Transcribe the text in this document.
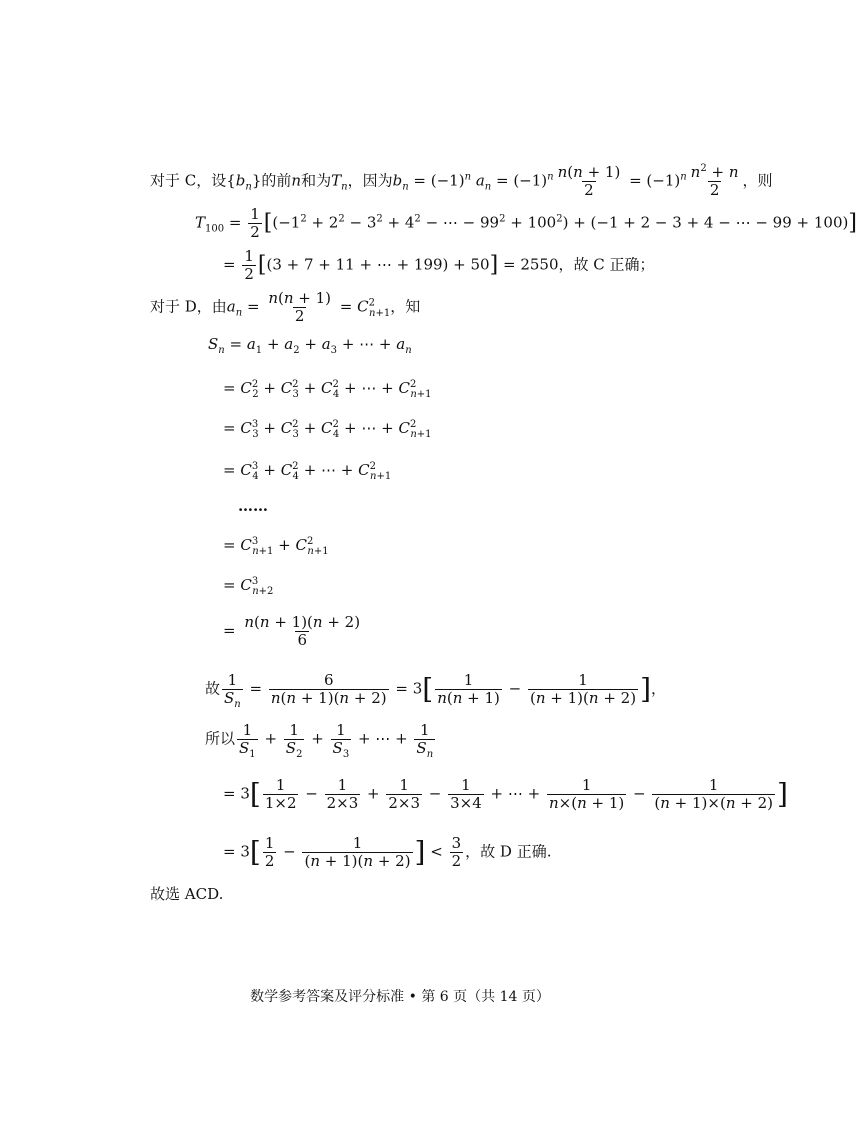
对于 C，设$\{b_n\}$的前n和为$T_n$，因为$b_n = (-1)^n$ $a_n = (-1)^n \frac{n(n + 1)}{2} = (-1)^n \frac{n^2 + n}{2}$ ，则
$T_{100} = \frac{1}{2} [(-1^2 + 2^2 - 3^2 + 4^2$ − ⋯ − $99^2 + 100^2) + (-1 + 2 - 3 + 4$ − ⋯ − 99 + 100)]
= $\frac{1}{2} [(3 + 7 + 11$ + ⋯ + 199) + 50] = 2550，故 C 正确；
对于 D，由$a_n = \frac{n(n + 1)}{2} = C^2_{n+1}$，知
$S_n = a_1 + a_2 + a_3$ + ⋯ + $a_n$
= $C^2_2 + C^2_3 + C^2_4$ + ⋯ + $C^2_{n+1}$
= $C^3_3 + C^2_3 + C^2_4$ + ⋯ + $C^2_{n+1}$
= $C^3_4 + C^2_4$ + ⋯ + $C^2_{n+1}$
……
= $C^3_{n+1} + C^2_{n+1}$
= $C^3_{n+2}$
= $\frac{n(n + 1)(n + 2)}{6}$
故 $\frac{1}{S_n} = \frac{6}{n(n + 1)(n + 2)} = 3[ \frac{1}{n(n + 1)} - \frac{1}{(n + 1)(n + 2)}$ ]，
所以 $\frac{1}{S_1} + \frac{1}{S_2} + \frac{1}{S_3}$ + ⋯ + $\frac{1}{S_n}$
= $3[ \frac{1}{1\times 2} - \frac{1}{2\times 3} + \frac{1}{2\times 3} - \frac{1}{3\times 4}$ + ⋯ + $\frac{1}{n\times(n + 1)} - \frac{1}{(n + 1)\times(n + 2)}$ ]
= $3[ \frac{1}{2} - \frac{1}{(n + 1)(n + 2)}$ ] < $\frac{3}{2}$ ，故 D 正确.
故选 ACD.
数学参考答案及评分标准 • 第 6 页（共 14 页）
